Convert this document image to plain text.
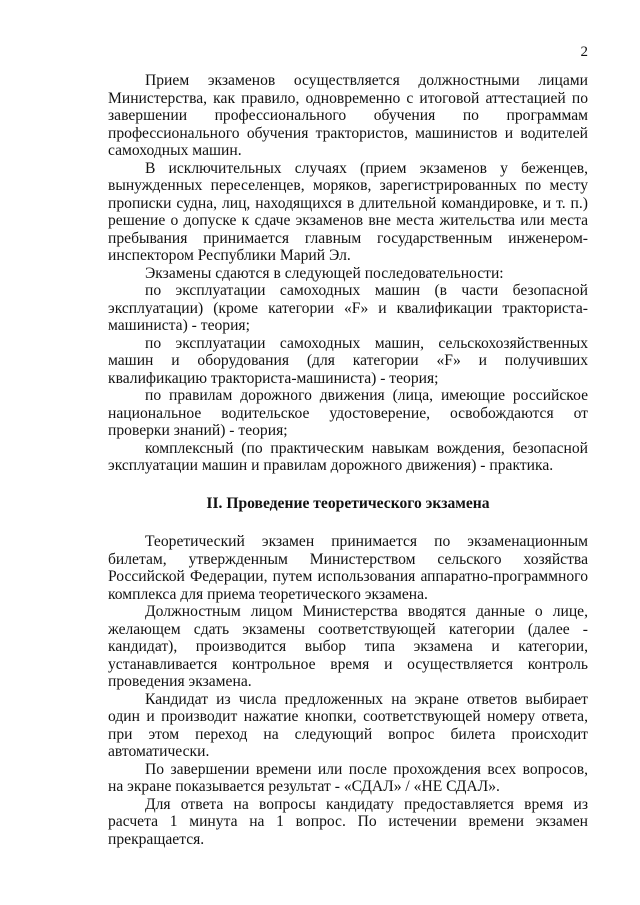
2

Прием экзаменов осуществляется должностными лицами Министерства, как правило, одновременно с итоговой аттестацией по завершении профессионального обучения по программам профессионального обучения трактористов, машинистов и водителей самоходных машин.

В исключительных случаях (прием экзаменов у беженцев, вынужденных переселенцев, моряков, зарегистрированных по месту прописки судна, лиц, находящихся в длительной командировке, и т. п.) решение о допуске к сдаче экзаменов вне места жительства или места пребывания принимается главным государственным инженером-инспектором Республики Марий Эл.

Экзамены сдаются в следующей последовательности:

по эксплуатации самоходных машин (в части безопасной эксплуатации) (кроме категории «F» и квалификации тракториста-машиниста) - теория;

по эксплуатации самоходных машин, сельскохозяйственных машин и оборудования (для категории «F» и получивших квалификацию тракториста-машиниста) - теория;

по правилам дорожного движения (лица, имеющие российское национальное водительское удостоверение, освобождаются от проверки знаний) - теория;

комплексный (по практическим навыкам вождения, безопасной эксплуатации машин и правилам дорожного движения) - практика.

II. Проведение теоретического экзамена

Теоретический экзамен принимается по экзаменационным билетам, утвержденным Министерством сельского хозяйства Российской Федерации, путем использования аппаратно-программного комплекса для приема теоретического экзамена.

Должностным лицом Министерства вводятся данные о лице, желающем сдать экзамены соответствующей категории (далее - кандидат), производится выбор типа экзамена и категории, устанавливается контрольное время и осуществляется контроль проведения экзамена.

Кандидат из числа предложенных на экране ответов выбирает один и производит нажатие кнопки, соответствующей номеру ответа, при этом переход на следующий вопрос билета происходит автоматически.

По завершении времени или после прохождения всех вопросов, на экране показывается результат - «СДАЛ» / «НЕ СДАЛ».

Для ответа на вопросы кандидату предоставляется время из расчета 1 минута на 1 вопрос. По истечении времени экзамен прекращается.
